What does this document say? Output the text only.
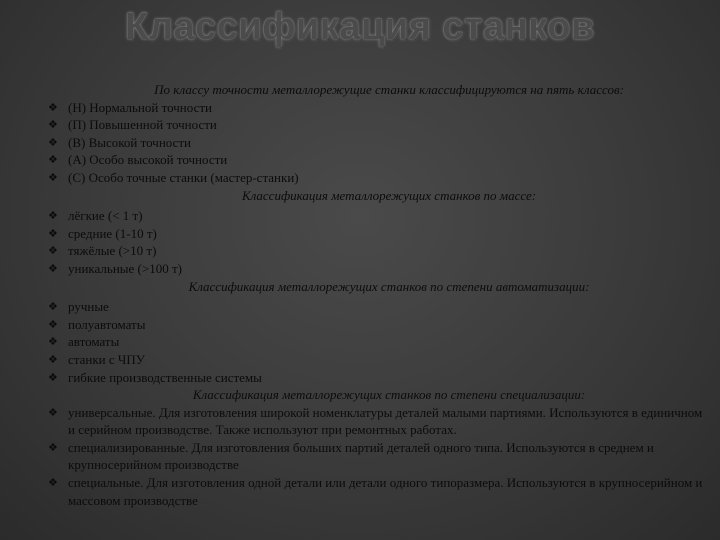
Классификация станков
По классу точности металлорежущие станки классифицируются на пять классов:
❖ (Н) Нормальной точности
❖ (П) Повышенной точности
❖ (В) Высокой точности
❖ (А) Особо высокой точности
❖ (С) Особо точные станки (мастер-станки)
Классификация металлорежущих станков по массе:
❖ лёгкие (< 1 т)
❖ средние (1-10 т)
❖ тяжёлые (>10 т)
❖ уникальные (>100 т)
Классификация металлорежущих станков по степени автоматизации:
❖ ручные
❖ полуавтоматы
❖ автоматы
❖ станки с ЧПУ
❖ гибкие производственные системы
Классификация металлорежущих станков по степени специализации:
❖ универсальные. Для изготовления широкой номенклатуры деталей малыми партиями. Используются в единичном и серийном производстве. Также используют при ремонтных работах.
❖ специализированные. Для изготовления больших партий деталей одного типа. Используются в среднем и крупносерийном производстве
❖ специальные. Для изготовления одной детали или детали одного типоразмера. Используются в крупносерийном и массовом производстве
